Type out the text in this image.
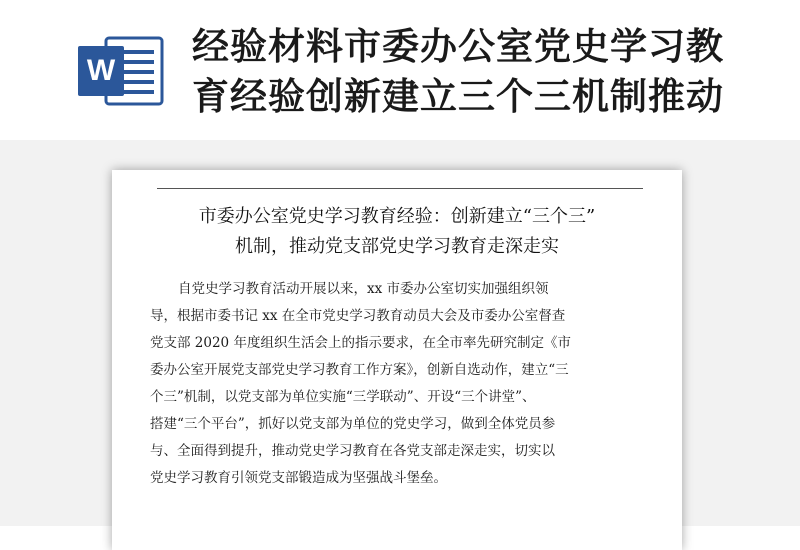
W
经验材料市委办公室党史学习教
育经验创新建立三个三机制推动
市委办公室党史学习教育经验：创新建立“三个三”
机制，推动党支部党史学习教育走深走实
自党史学习教育活动开展以来，xx 市委办公室切实加强组织领
导，根据市委书记 xx 在全市党史学习教育动员大会及市委办公室督查
党支部 2020 年度组织生活会上的指示要求，在全市率先研究制定《市
委办公室开展党支部党史学习教育工作方案》，创新自选动作，建立“三
个三”机制，以党支部为单位实施“三学联动”、开设“三个讲堂”、
搭建“三个平台”，抓好以党支部为单位的党史学习，做到全体党员参
与、全面得到提升，推动党史学习教育在各党支部走深走实，切实以
党史学习教育引领党支部锻造成为坚强战斗堡垒。
